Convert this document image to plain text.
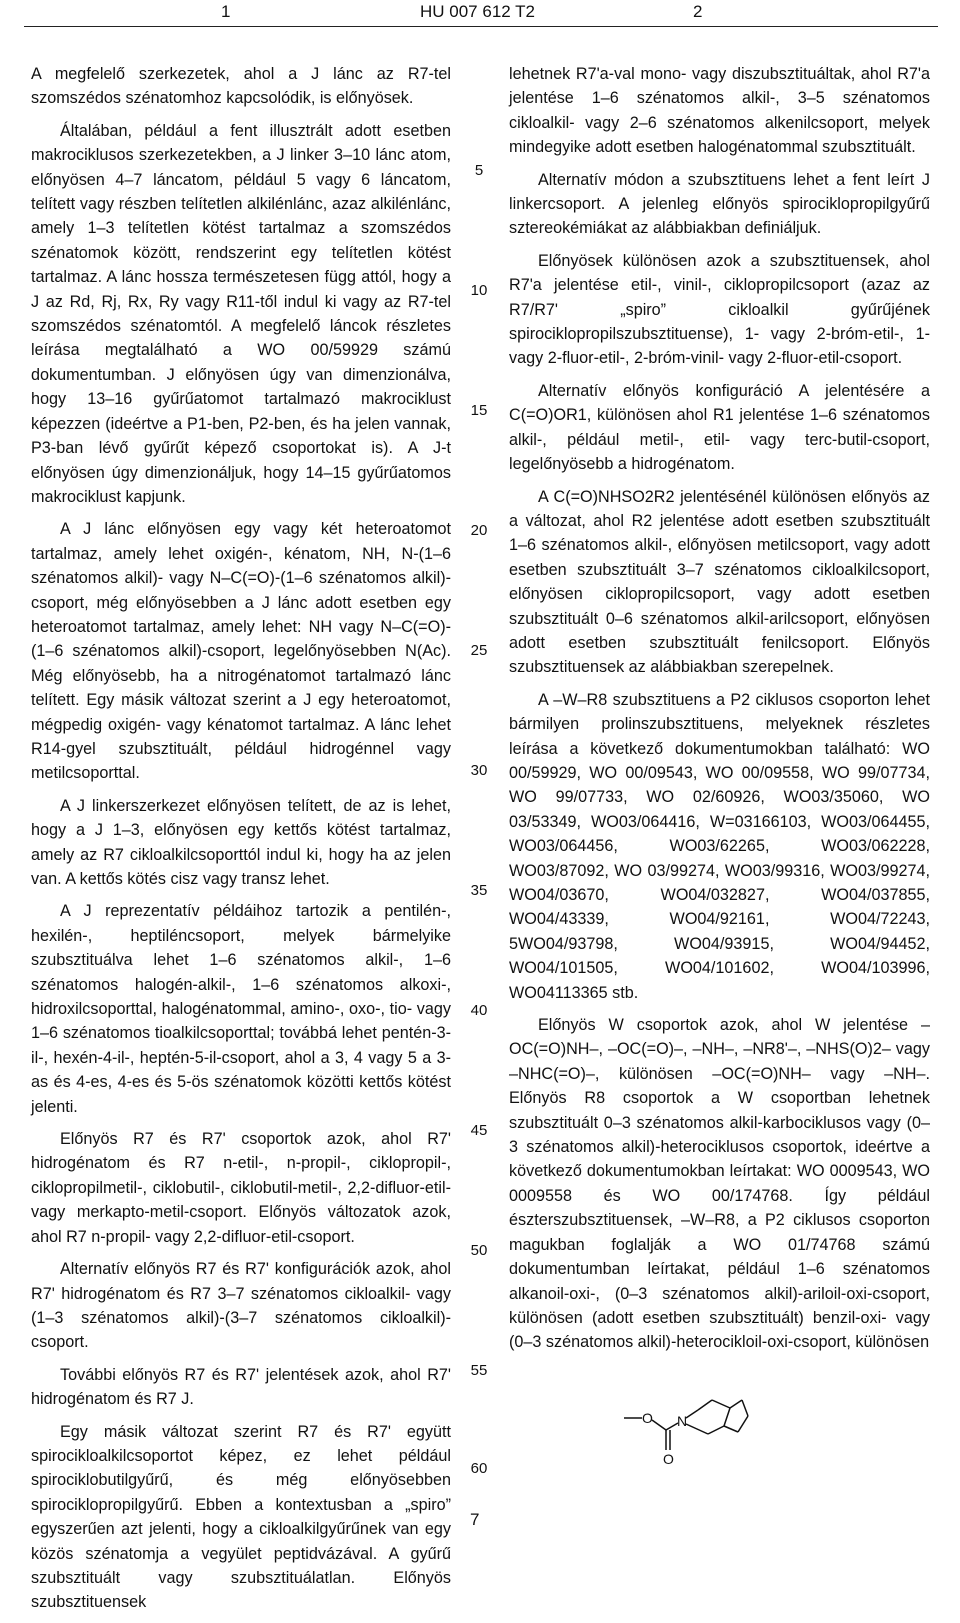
1	HU 007 612 T2	2

A megfelelő szerkezetek, ahol a J lánc az R7-tel szomszédos szénatomhoz kapcsolódik, is előnyösek.

Általában, például a fent illusztrált adott esetben makrociklusos szerkezetekben, a J linker 3–10 lánc atom, előnyösen 4–7 láncatom, például 5 vagy 6 láncatom, telített vagy részben telítetlen alkilénlánc, azaz alkilénlánc, amely 1–3 telítetlen kötést tartalmaz a szomszédos szénatomok között, rendszerint egy telítetlen kötést tartalmaz. A lánc hossza természetesen függ attól, hogy a J az Rd, Rj, Rx, Ry vagy R11-től indul ki vagy az R7-tel szomszédos szénatomtól. A megfelelő láncok részletes leírása megtalálható a WO 00/59929 számú dokumentumban. J előnyösen úgy van dimenzionálva, hogy 13–16 gyűrűatomot tartalmazó makrociklust képezzen (ideértve a P1-ben, P2-ben, és ha jelen vannak, P3-ban lévő gyűrűt képező csoportokat is). A J-t előnyösen úgy dimenzionáljuk, hogy 14–15 gyűrűatomos makrociklust kapjunk.

A J lánc előnyösen egy vagy két heteroatomot tartalmaz, amely lehet oxigén-, kénatom, NH, N-(1–6 szénatomos alkil)- vagy N–C(=O)-(1–6 szénatomos alkil)-csoport, még előnyösebben a J lánc adott esetben egy heteroatomot tartalmaz, amely lehet: NH vagy N–C(=O)-(1–6 szénatomos alkil)-csoport, legelőnyösebben N(Ac). Még előnyösebb, ha a nitrogénatomot tartalmazó lánc telített. Egy másik változat szerint a J egy heteroatomot, mégpedig oxigén- vagy kénatomot tartalmaz. A lánc lehet R14-gyel szubsztituált, például hidrogénnel vagy metilcsoporttal.

A J linkerszerkezet előnyösen telített, de az is lehet, hogy a J 1–3, előnyösen egy kettős kötést tartalmaz, amely az R7 cikloalkilcsoporttól indul ki, hogy ha az jelen van. A kettős kötés cisz vagy transz lehet.

A J reprezentatív példáihoz tartozik a pentilén-, hexilén-, heptiléncsoport, melyek bármelyike szubsztituálva lehet 1–6 szénatomos alkil-, 1–6 szénatomos halogén-alkil-, 1–6 szénatomos alkoxi-, hidroxilcsoporttal, halogénatommal, amino-, oxo-, tio- vagy 1–6 szénatomos tioalkilcsoporttal; továbbá lehet pentén-3-il-, hexén-4-il-, heptén-5-il-csoport, ahol a 3, 4 vagy 5 a 3-as és 4-es, 4-es és 5-ös szénatomok közötti kettős kötést jelenti.

Előnyös R7 és R7' csoportok azok, ahol R7' hidrogénatom és R7 n-etil-, n-propil-, ciklopropil-, ciklopropilmetil-, ciklobutil-, ciklobutil-metil-, 2,2-difluor-etil- vagy merkapto-metil-csoport. Előnyös változatok azok, ahol R7 n-propil- vagy 2,2-difluor-etil-csoport.

Alternatív előnyös R7 és R7' konfigurációk azok, ahol R7' hidrogénatom és R7 3–7 szénatomos cikloalkil- vagy (1–3 szénatomos alkil)-(3–7 szénatomos cikloalkil)-csoport.

További előnyös R7 és R7' jelentések azok, ahol R7' hidrogénatom és R7 J.

Egy másik változat szerint R7 és R7' együtt spirocikloalkilcsoportot képez, ez lehet például spirociklobutilgyűrű, és még előnyösebben spirociklopropilgyűrű. Ebben a kontextusban a „spiro” egyszerűen azt jelenti, hogy a cikloalkilgyűrűnek van egy közös szénatomja a vegyület peptidvázával. A gyűrű szubsztituált vagy szubsztituálatlan. Előnyös szubsztituensek

lehetnek R7'a-val mono- vagy diszubsztituáltak, ahol R7'a jelentése 1–6 szénatomos alkil-, 3–5 szénatomos cikloalkil- vagy 2–6 szénatomos alkenilcsoport, melyek mindegyike adott esetben halogénatommal szubsztituált.

Alternatív módon a szubsztituens lehet a fent leírt J linkercsoport. A jelenleg előnyös spirociklopropilgyűrű sztereokémiákat az alábbiakban definiáljuk.

Előnyösek különösen azok a szubsztituensek, ahol R7'a jelentése etil-, vinil-, ciklopropilcsoport (azaz az R7/R7' „spiro” cikloalkil gyűrűjének spirociklopropilszubsztituense), 1- vagy 2-bróm-etil-, 1- vagy 2-fluor-etil-, 2-bróm-vinil- vagy 2-fluor-etil-csoport.

Alternatív előnyös konfiguráció A jelentésére a C(=O)OR1, különösen ahol R1 jelentése 1–6 szénatomos alkil-, például metil-, etil- vagy terc-butil-csoport, legelőnyösebb a hidrogénatom.

A C(=O)NHSO2R2 jelentésénél különösen előnyös az a változat, ahol R2 jelentése adott esetben szubsztituált 1–6 szénatomos alkil-, előnyösen metilcsoport, vagy adott esetben szubsztituált 3–7 szénatomos cikloalkilcsoport, előnyösen ciklopropilcsoport, vagy adott esetben szubsztituált 0–6 szénatomos alkil-arilcsoport, előnyösen adott esetben szubsztituált fenilcsoport. Előnyös szubsztituensek az alábbiakban szerepelnek.

A –W–R8 szubsztituens a P2 ciklusos csoporton lehet bármilyen prolinszubsztituens, melyeknek részletes leírása a következő dokumentumokban található: WO 00/59929, WO 00/09543, WO 00/09558, WO 99/07734, WO 99/07733, WO 02/60926, WO03/35060, WO 03/53349, WO03/064416, W=03166103, WO03/064455, WO03/064456, WO03/62265, WO03/062228, WO03/87092, WO 03/99274, WO03/99316, WO03/99274, WO04/03670, WO04/032827, WO04/037855, WO04/43339, WO04/92161, WO04/72243, 5WO04/93798, WO04/93915, WO04/94452, WO04/101505, WO04/101602, WO04/103996, WO04113365 stb.

Előnyös W csoportok azok, ahol W jelentése –OC(=O)NH–, –OC(=O)–, –NH–, –NR8'–, –NHS(O)2– vagy –NHC(=O)–, különösen –OC(=O)NH– vagy –NH–. Előnyös R8 csoportok a W csoportban lehetnek szubsztituált 0–3 szénatomos alkil-karbociklusos vagy (0–3 szénatomos alkil)-heterociklusos csoportok, ideértve a következő dokumentumokban leírtakat: WO 0009543, WO 0009558 és WO 00/174768. Így például észterszubsztituensek, –W–R8, a P2 ciklusos csoporton magukban foglalják a WO 01/74768 számú dokumentumban leírtakat, például 1–6 szénatomos alkanoil-oxi-, (0–3 szénatomos alkil)-ariloil-oxi-csoport, különösen (adott esetben szubsztituált) benzil-oxi- vagy (0–3 szénatomos alkil)-heterocikloil-oxi-csoport, különösen

5
10
15
20
25
30
35
40
45
50
55
60
O N
O
7
